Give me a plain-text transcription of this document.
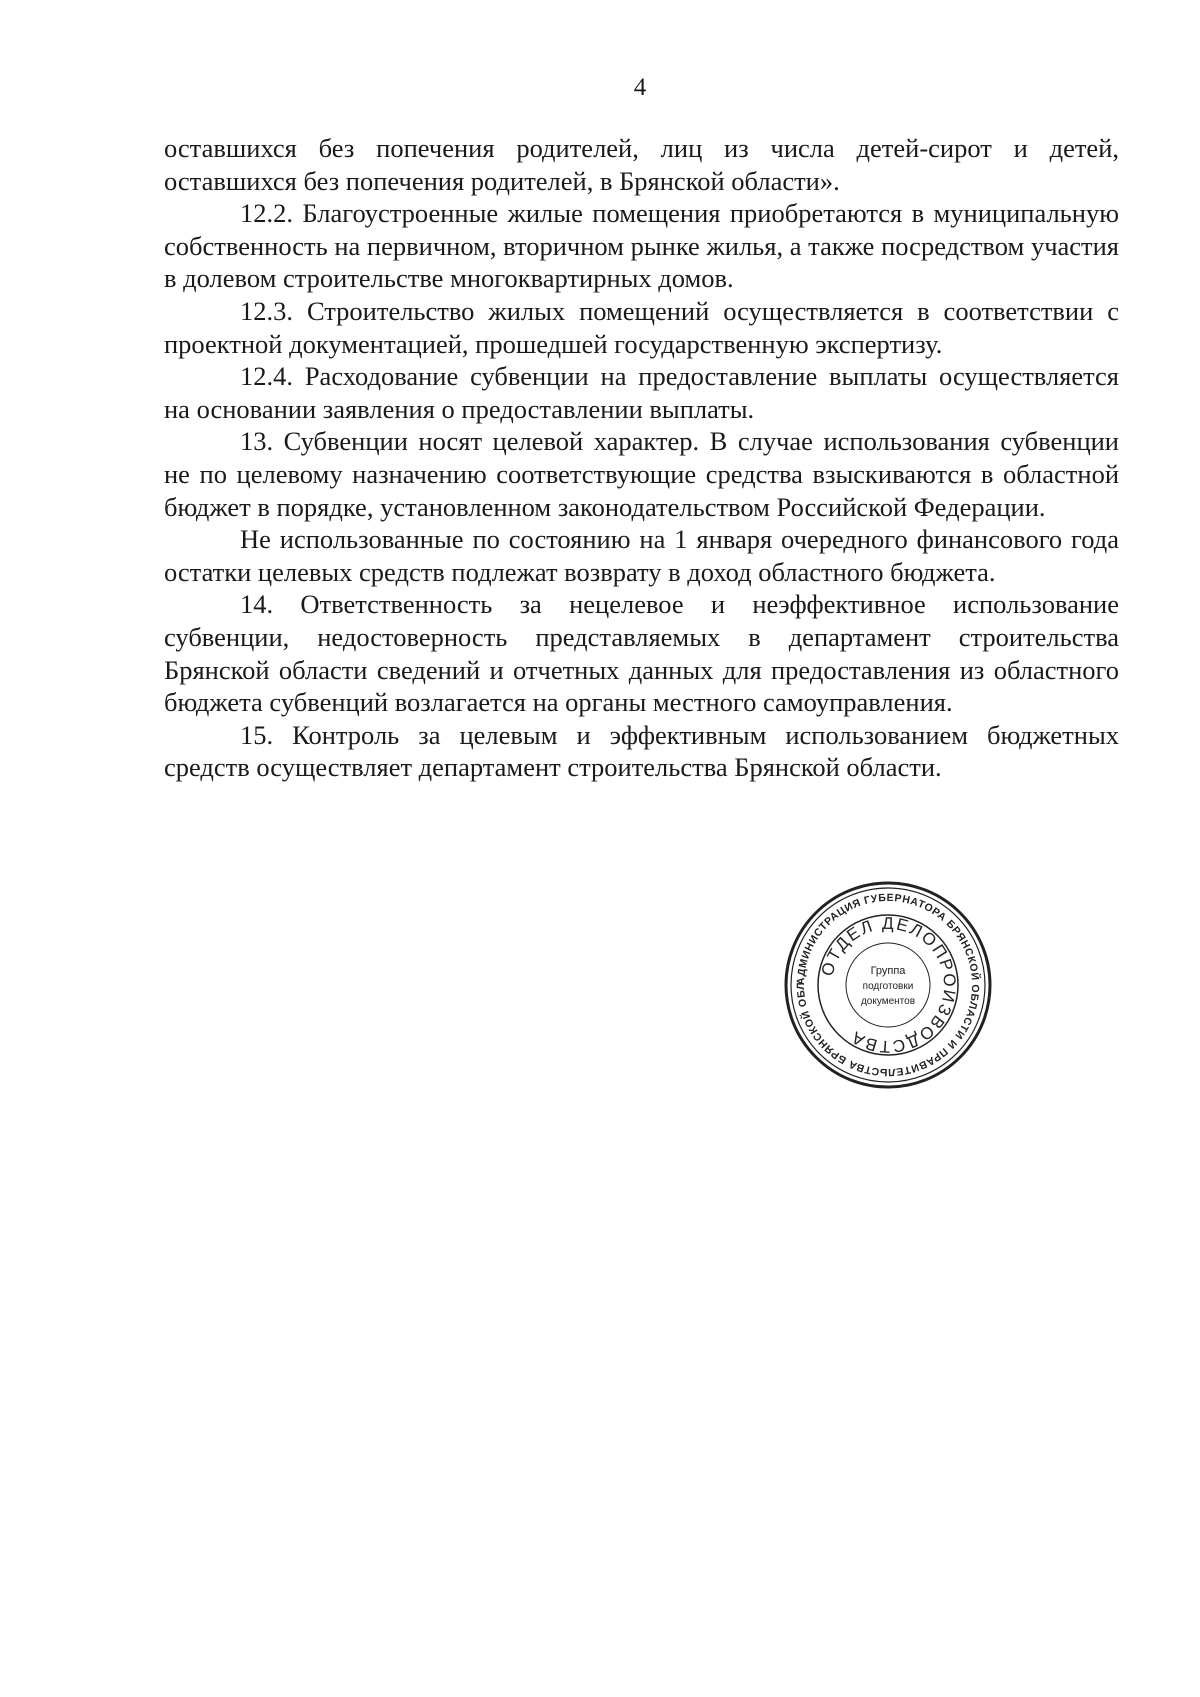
4

оставшихся без попечения родителей, лиц из числа детей-сирот и детей, оставшихся без попечения родителей, в Брянской области».

12.2. Благоустроенные жилые помещения приобретаются в муниципальную собственность на первичном, вторичном рынке жилья, а также посредством участия в долевом строительстве многоквартирных домов.

12.3. Строительство жилых помещений осуществляется в соответствии с проектной документацией, прошедшей государственную экспертизу.

12.4. Расходование субвенции на предоставление выплаты осуществляется на основании заявления о предоставлении выплаты.

13. Субвенции носят целевой характер. В случае использования субвенции не по целевому назначению соответствующие средства взыскиваются в областной бюджет в порядке, установленном законодательством Российской Федерации.

Не использованные по состоянию на 1 января очередного финансового года остатки целевых средств подлежат возврату в доход областного бюджета.

14. Ответственность за нецелевое и неэффективное использование субвенции, недостоверность представляемых в департамент строительства Брянской области сведений и отчетных данных для предоставления из областного бюджета субвенций возлагается на органы местного самоуправления.

15. Контроль за целевым и эффективным использованием бюджетных средств осуществляет департамент строительства Брянской области.

АДМИНИСТРАЦИЯ ГУБЕРНАТОРА БРЯНСКОЙ ОБЛАСТИ И ПРАВИТЕЛЬСТВА БРЯНСКОЙ ОБЛ
ОТДЕЛ ДЕЛОПРОИЗВОДСТВА
Группа
подготовки
документов
